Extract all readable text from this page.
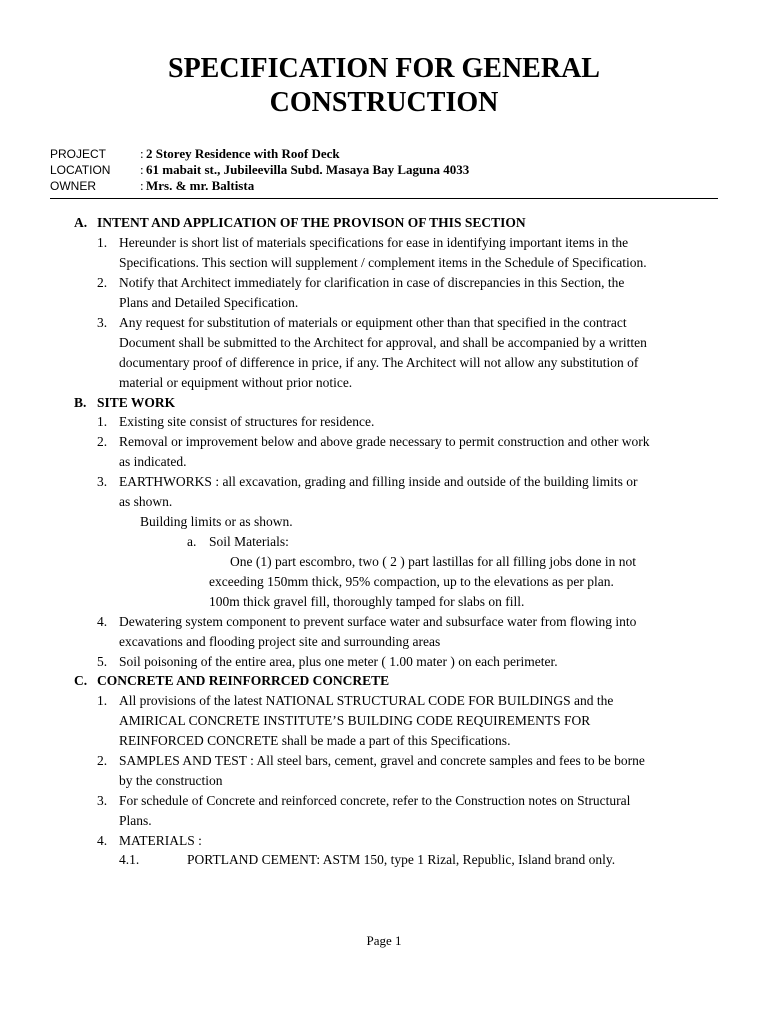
SPECIFICATION FOR GENERAL
CONSTRUCTION
PROJECT	: 2 Storey Residence with Roof Deck
LOCATION : 61 mabait st., Jubileevilla Subd. Masaya Bay Laguna 4033
OWNER	: Mrs. & mr. Baltista
A. INTENT AND APPLICATION OF THE PROVISON OF THIS SECTION
1. Hereunder is short list of materials specifications for ease in identifying important items in the
Specifications. This section will supplement / complement items in the Schedule of Specification.
2. Notify that Architect immediately for clarification in case of discrepancies in this Section, the
Plans and Detailed Specification.
3. Any request for substitution of materials or equipment other than that specified in the contract
Document shall be submitted to the Architect for approval, and shall be accompanied by a written
documentary proof of difference in price, if any. The Architect will not allow any substitution of
material or equipment without prior notice.
B. SITE WORK
1. Existing site consist of structures for residence.
2. Removal or improvement below and above grade necessary to permit construction and other work
as indicated.
3. EARTHWORKS : all excavation, grading and filling inside and outside of the building limits or
as shown.
Building limits or as shown.
a. Soil Materials:
One (1) part escombro, two ( 2 ) part lastillas for all filling jobs done in not
exceeding 150mm thick, 95% compaction, up to the elevations as per plan.
100m thick gravel fill, thoroughly tamped for slabs on fill.
4. Dewatering system component to prevent surface water and subsurface water from flowing into
excavations and flooding project site and surrounding areas
5. Soil poisoning of the entire area, plus one meter ( 1.00 mater ) on each perimeter.
C. CONCRETE AND REINFORRCED CONCRETE
1. All provisions of the latest NATIONAL STRUCTURAL CODE FOR BUILDINGS and the
AMIRICAL CONCRETE INSTITUTE’S BUILDING CODE REQUIREMENTS FOR
REINFORCED CONCRETE shall be made a part of this Specifications.
2. SAMPLES AND TEST : All steel bars, cement, gravel and concrete samples and fees to be borne
by the construction
3. For schedule of Concrete and reinforced concrete, refer to the Construction notes on Structural
Plans.
4. MATERIALS :
4.1.	PORTLAND CEMENT: ASTM 150, type 1 Rizal, Republic, Island brand only.
Page 1
